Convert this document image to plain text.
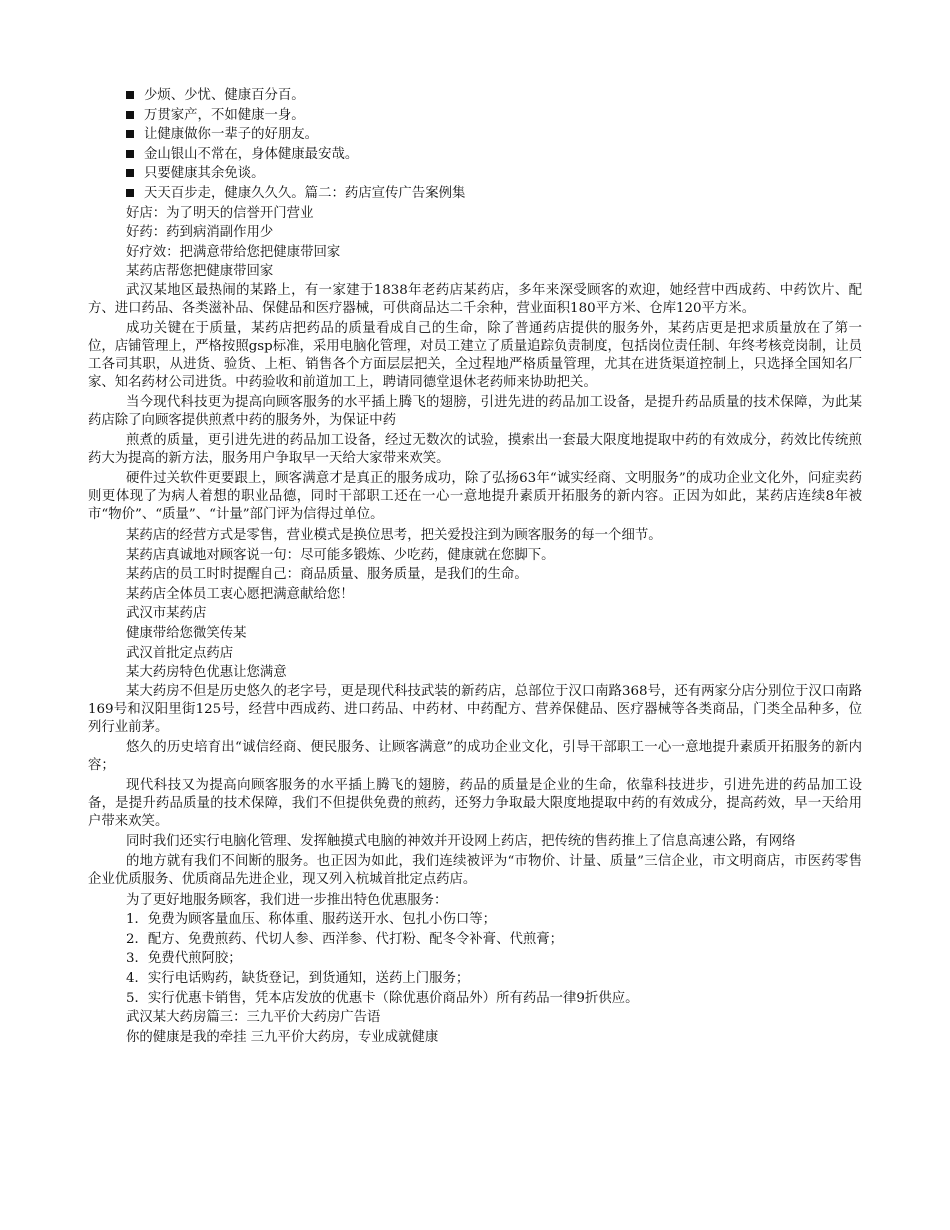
少烦、少忧、健康百分百。
万贯家产，不如健康一身。
让健康做你一辈子的好朋友。
金山银山不常在，身体健康最安哉。
只要健康其余免谈。
天天百步走，健康久久久。篇二：药店宣传广告案例集
好店：为了明天的信誉开门营业
好药：药到病消副作用少
好疗效：把满意带给您把健康带回家
某药店帮您把健康带回家

武汉某地区最热闹的某路上，有一家建于1838年老药店某药店，多年来深受顾客的欢迎，她经营中西成药、中药饮片、配方、进口药品、各类滋补品、保健品和医疗器械，可供商品达二千余种，营业面积180平方米、仓库120平方米。

成功关键在于质量，某药店把药品的质量看成自己的生命，除了普通药店提供的服务外，某药店更是把求质量放在了第一位，店铺管理上，严格按照gsp标准，采用电脑化管理，对员工建立了质量追踪负责制度，包括岗位责任制、年终考核竞岗制，让员工各司其职，从进货、验货、上柜、销售各个方面层层把关，全过程地严格质量管理，尤其在进货渠道控制上，只选择全国知名厂家、知名药材公司进货。中药验收和前道加工上，聘请同德堂退休老药师来协助把关。

当今现代科技更为提高向顾客服务的水平插上腾飞的翅膀，引进先进的药品加工设备，是提升药品质量的技术保障，为此某药店除了向顾客提供煎煮中药的服务外，为保证中药

煎煮的质量，更引进先进的药品加工设备，经过无数次的试验，摸索出一套最大限度地提取中药的有效成分，药效比传统煎药大为提高的新方法，服务用户争取早一天给大家带来欢笑。

硬件过关软件更要跟上，顾客满意才是真正的服务成功，除了弘扬63年“诚实经商、文明服务”的成功企业文化外，问症卖药则更体现了为病人着想的职业品德，同时干部职工还在一心一意地提升素质开拓服务的新内容。正因为如此，某药店连续8年被市“物价”、“质量”、“计量”部门评为信得过单位。

某药店的经营方式是零售，营业模式是换位思考，把关爱投注到为顾客服务的每一个细节。
某药店真诚地对顾客说一句：尽可能多锻炼、少吃药，健康就在您脚下。
某药店的员工时时提醒自己：商品质量、服务质量，是我们的生命。
某药店全体员工衷心愿把满意献给您！
武汉市某药店
健康带给您微笑传某
武汉首批定点药店
某大药房特色优惠让您满意

某大药房不但是历史悠久的老字号，更是现代科技武装的新药店，总部位于汉口南路368号，还有两家分店分别位于汉口南路169号和汉阳里街125号，经营中西成药、进口药品、中药材、中药配方、营养保健品、医疗器械等各类商品，门类全品种多，位列行业前茅。

悠久的历史培育出“诚信经商、便民服务、让顾客满意”的成功企业文化，引导干部职工一心一意地提升素质开拓服务的新内容；

现代科技又为提高向顾客服务的水平插上腾飞的翅膀，药品的质量是企业的生命，依靠科技进步，引进先进的药品加工设备，是提升药品质量的技术保障，我们不但提供免费的煎药，还努力争取最大限度地提取中药的有效成分，提高药效，早一天给用户带来欢笑。

同时我们还实行电脑化管理、发挥触摸式电脑的神效并开设网上药店，把传统的售药推上了信息高速公路，有网络

的地方就有我们不间断的服务。也正因为如此，我们连续被评为“市物价、计量、质量”三信企业，市文明商店，市医药零售企业优质服务、优质商品先进企业，现又列入杭城首批定点药店。

为了更好地服务顾客，我们进一步推出特色优惠服务：
1．免费为顾客量血压、称体重、服药送开水、包扎小伤口等；
2．配方、免费煎药、代切人参、西洋参、代打粉、配冬令补膏、代煎膏；
3．免费代煎阿胶；
4．实行电话购药，缺货登记，到货通知，送药上门服务；
5．实行优惠卡销售，凭本店发放的优惠卡（除优惠价商品外）所有药品一律9折供应。
武汉某大药房篇三：三九平价大药房广告语
你的健康是我的牵挂 三九平价大药房，专业成就健康
